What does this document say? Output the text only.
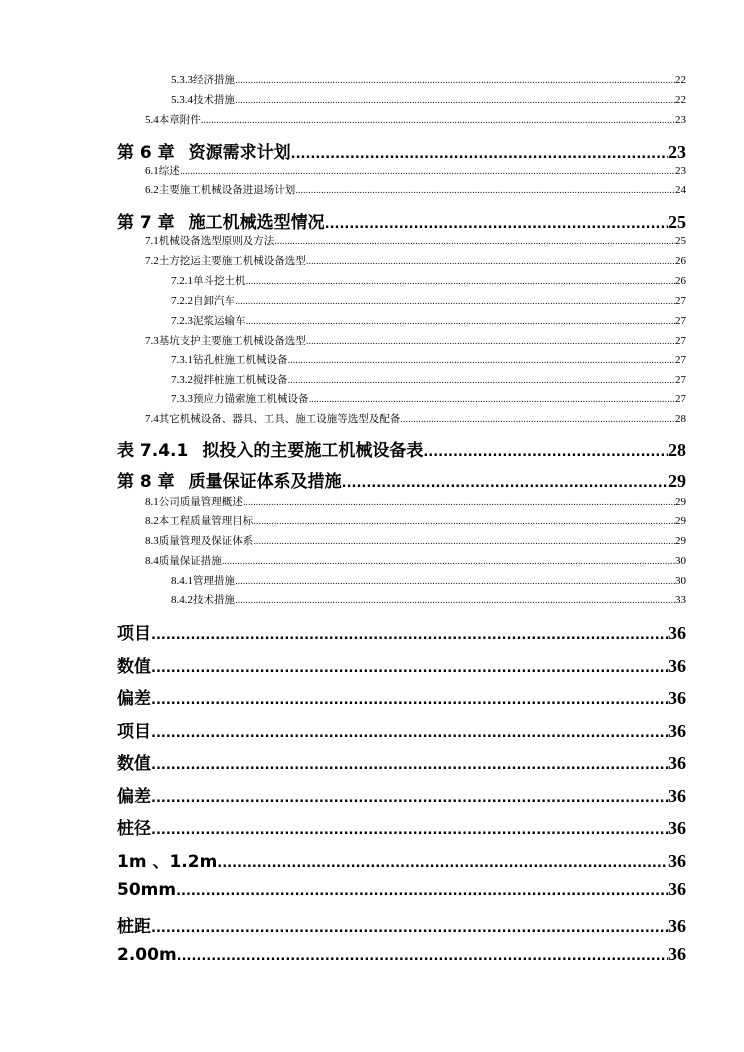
5.3.3 经济措施 .....	22
5.3.4 技术措施 .....	22
5.4 本章附件 .....	23
第 6 章 资源需求计划 .....	23
6.1 综述 .....	23
6.2 主要施工机械设备进退场计划 .....	24
第 7 章 施工机械选型情况 .....	25
7.1 机械设备选型原则及方法 .....	25
7.2 土方挖运主要施工机械设备选型 .....	26
7.2.1 单斗挖土机 .....	26
7.2.2 自卸汽车 .....	27
7.2.3 泥浆运输车 .....	27
7.3 基坑支护主要施工机械设备选型 .....	27
7.3.1 钻孔桩施工机械设备 .....	27
7.3.2 搅拌桩施工机械设备 .....	27
7.3.3 预应力锚索施工机械设备 .....	27
7.4 其它机械设备、器具、工具、施工设施等选型及配备 .....	28
表 7.4.1 拟投入的主要施工机械设备表 .....	28
第 8 章 质量保证体系及措施 .....	29
8.1 公司质量管理概述 .....	29
8.2 本工程质量管理目标 .....	29
8.3 质量管理及保证体系 .....	29
8.4 质量保证措施 .....	30
8.4.1 管理措施 .....	30
8.4.2 技术措施 .....	33
项目 .....	36
数值 .....	36
偏差 .....	36
项目 .....	36
数值 .....	36
偏差 .....	36
桩径 .....	36
1m 、1.2m .....	36
50mm .....	36
桩距 .....	36
2.00m .....	36
